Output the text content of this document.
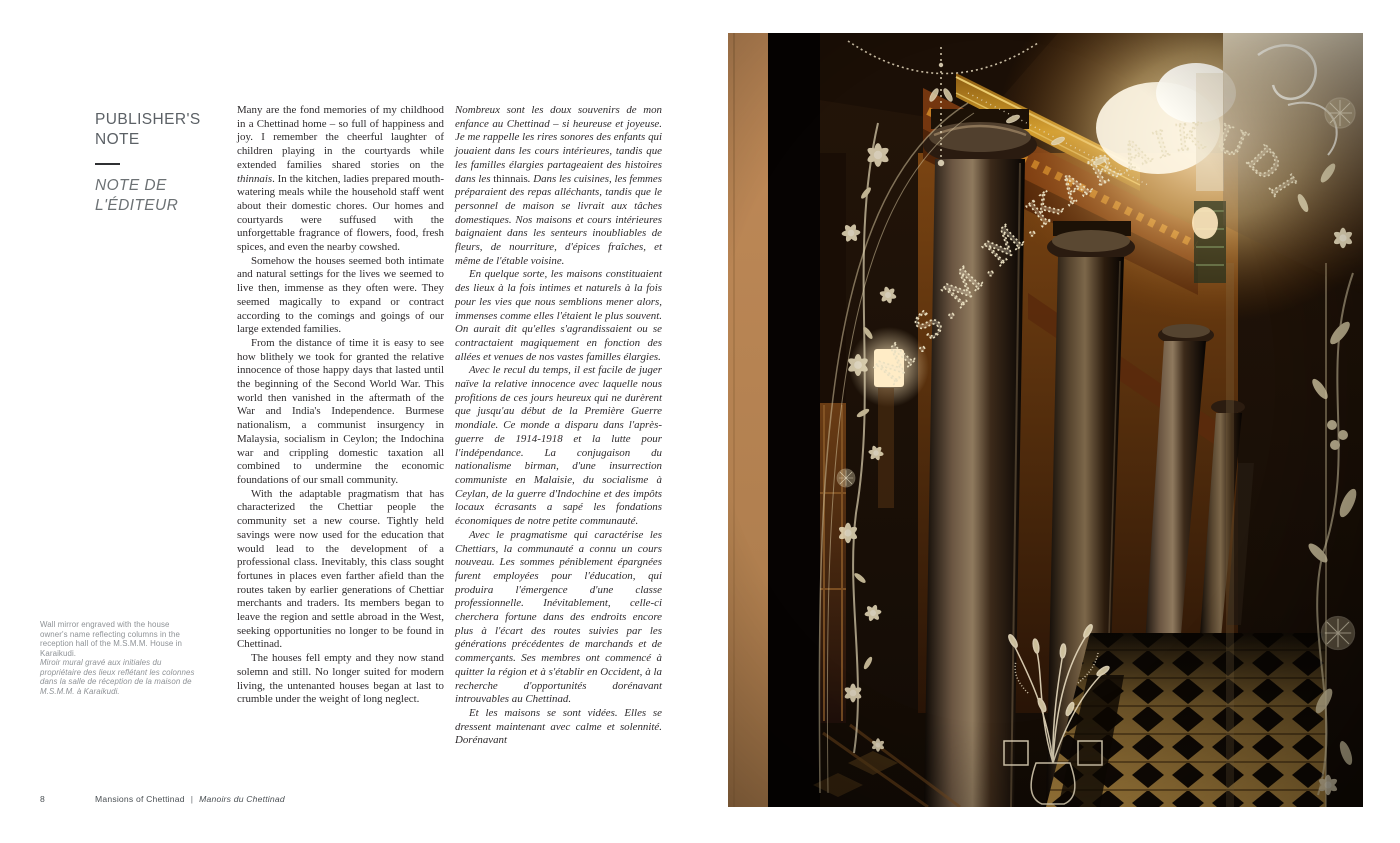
PUBLISHER'S NOTE
NOTE DE L'ÉDITEUR

Many are the fond memories of my childhood in a Chettinad home – so full of happiness and joy. I remember the cheerful laughter of children playing in the courtyards while extended families shared stories on the thinnais. In the kitchen, ladies prepared mouth-watering meals while the household staff went about their domestic chores. Our homes and courtyards were suffused with the unforgettable fragrance of flowers, food, fresh spices, and even the nearby cowshed.

Somehow the houses seemed both intimate and natural settings for the lives we seemed to live then, immense as they often were. They seemed magically to expand or contract according to the comings and goings of our large extended families.

From the distance of time it is easy to see how blithely we took for granted the relative innocence of those happy days that lasted until the beginning of the Second World War. This world then vanished in the aftermath of the War and India's Independence. Burmese nationalism, a communist insurgency in Malaysia, socialism in Ceylon; the Indochina war and crippling domestic taxation all combined to undermine the economic foundations of our small community.

With the adaptable pragmatism that has characterized the Chettiar people the community set a new course. Tightly held savings were now used for the education that would lead to the development of a professional class. Inevitably, this class sought fortunes in places even farther afield than the routes taken by earlier generations of Chettiar merchants and traders. Its members began to leave the region and settle abroad in the West, seeking opportunities no longer to be found in Chettinad.

The houses fell empty and they now stand solemn and still. No longer suited for modern living, the untenanted houses began at last to crumble under the weight of long neglect.

Nombreux sont les doux souvenirs de mon enfance au Chettinad – si heureuse et joyeuse. Je me rappelle les rires sonores des enfants qui jouaient dans les cours intérieures, tandis que les familles élargies partageaient des histoires dans les thinnais. Dans les cuisines, les femmes préparaient des repas alléchants, tandis que le personnel de maison se livrait aux tâches domestiques. Nos maisons et cours intérieures baignaient dans les senteurs inoubliables de fleurs, de nourriture, d'épices fraîches, et même de l'étable voisine.

En quelque sorte, les maisons constituaient des lieux à la fois intimes et naturels à la fois pour les vies que nous semblions mener alors, immenses comme elles l'étaient le plus souvent. On aurait dit qu'elles s'agrandissaient ou se contractaient magiquement en fonction des allées et venues de nos vastes familles élargies.

Avec le recul du temps, il est facile de juger naïve la relative innocence avec laquelle nous profitions de ces jours heureux qui ne durèrent que jusqu'au début de la Première Guerre mondiale. Ce monde a disparu dans l'après-guerre de 1914-1918 et la lutte pour l'indépendance. La conjugaison du nationalisme birman, d'une insurrection communiste en Malaisie, du socialisme à Ceylan, de la guerre d'Indochine et des impôts locaux écrasants a sapé les fondations économiques de notre petite communauté.

Avec le pragmatisme qui caractérise les Chettiars, la communauté a connu un cours nouveau. Les sommes péniblement épargnées furent employées pour l'éducation, qui produira l'émergence d'une classe professionnelle. Inévitablement, celle-ci cherchera fortune dans des endroits encore plus à l'écart des routes suivies par les générations précédentes de marchands et de commerçants. Ses membres ont commencé à quitter la région et à s'établir en Occident, à la recherche d'opportunités dorénavant introuvables au Chettinad.

Et les maisons se sont vidées. Elles se dressent maintenant avec calme et solennité. Dorénavant

Wall mirror engraved with the house owner's name reflecting columns in the reception hall of the M.S.M.M. House in Karaikudi.
Miroir mural gravé aux initiales du propriétaire des lieux reflétant les colonnes dans la salle de réception de la maison de M.S.M.M. à Karaikudi.
8	Mansions of Chettinad | Manoirs du Chettinad
